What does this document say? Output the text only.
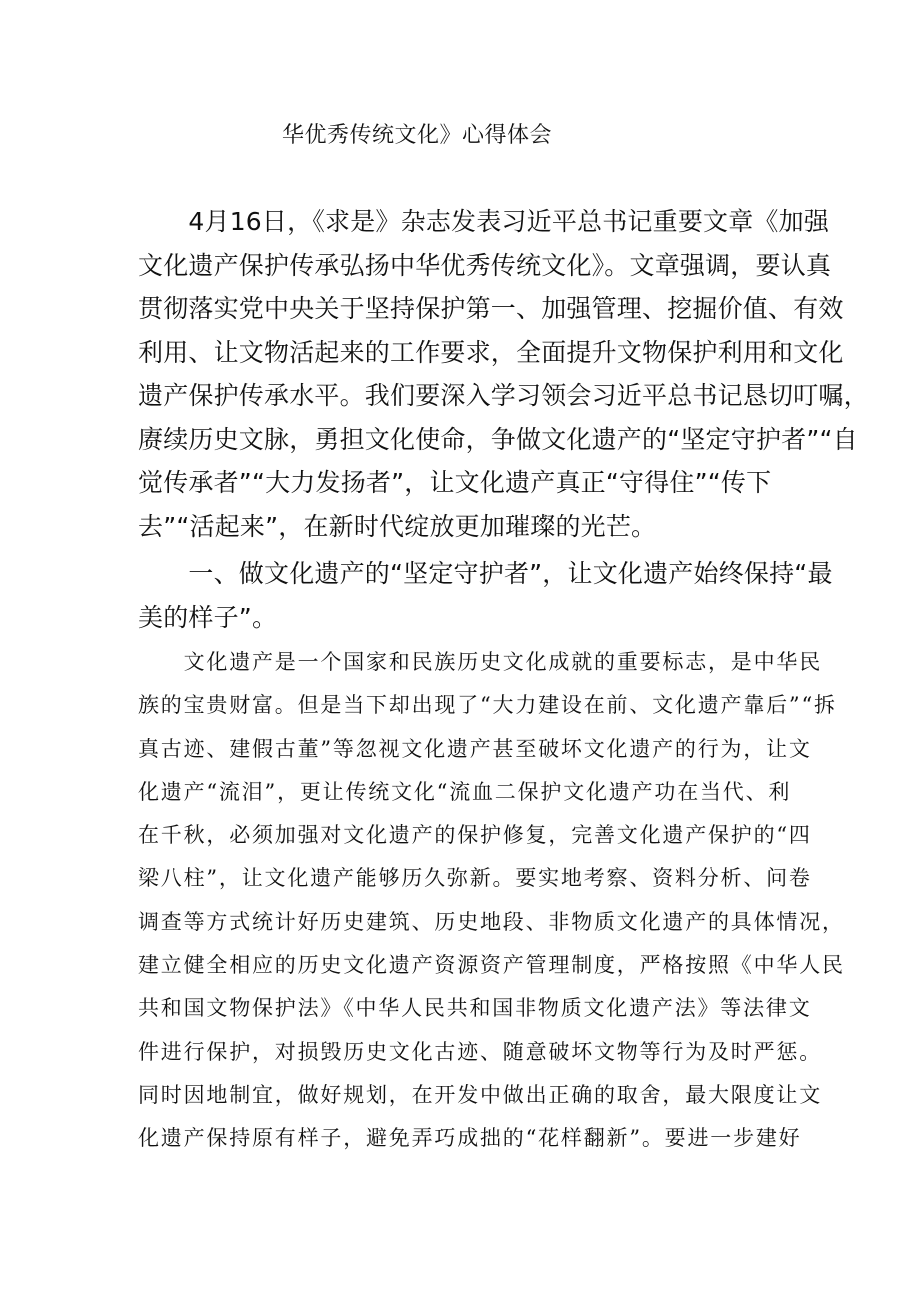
华优秀传统文化》心得体会

　　4月16日，《求是》杂志发表习近平总书记重要文章《加强
文化遗产保护传承弘扬中华优秀传统文化》。文章强调，要认真
贯彻落实党中央关于坚持保护第一、加强管理、挖掘价值、有效
利用、让文物活起来的工作要求，全面提升文物保护利用和文化
遗产保护传承水平。我们要深入学习领会习近平总书记恳切叮嘱，
赓续历史文脉，勇担文化使命，争做文化遗产的“坚定守护者”“自
觉传承者”“大力发扬者”，让文化遗产真正“守得住”“传下
去”“活起来”，在新时代绽放更加璀璨的光芒。

　　一、做文化遗产的“坚定守护者”，让文化遗产始终保持“最
美的样子”。

　　文化遗产是一个国家和民族历史文化成就的重要标志，是中华民
族的宝贵财富。但是当下却出现了“大力建设在前、文化遗产靠后”“拆
真古迹、建假古董”等忽视文化遗产甚至破坏文化遗产的行为，让文
化遗产“流泪”，更让传统文化“流血二保护文化遗产功在当代、利
在千秋，必须加强对文化遗产的保护修复，完善文化遗产保护的“四
梁八柱”，让文化遗产能够历久弥新。要实地考察、资料分析、问卷
调查等方式统计好历史建筑、历史地段、非物质文化遗产的具体情况，
建立健全相应的历史文化遗产资源资产管理制度，严格按照《中华人民
共和国文物保护法》《中华人民共和国非物质文化遗产法》等法律文
件进行保护，对损毁历史文化古迹、随意破坏文物等行为及时严惩。
同时因地制宜，做好规划，在开发中做出正确的取舍，最大限度让文
化遗产保持原有样子，避免弄巧成拙的“花样翻新”。要进一步建好
